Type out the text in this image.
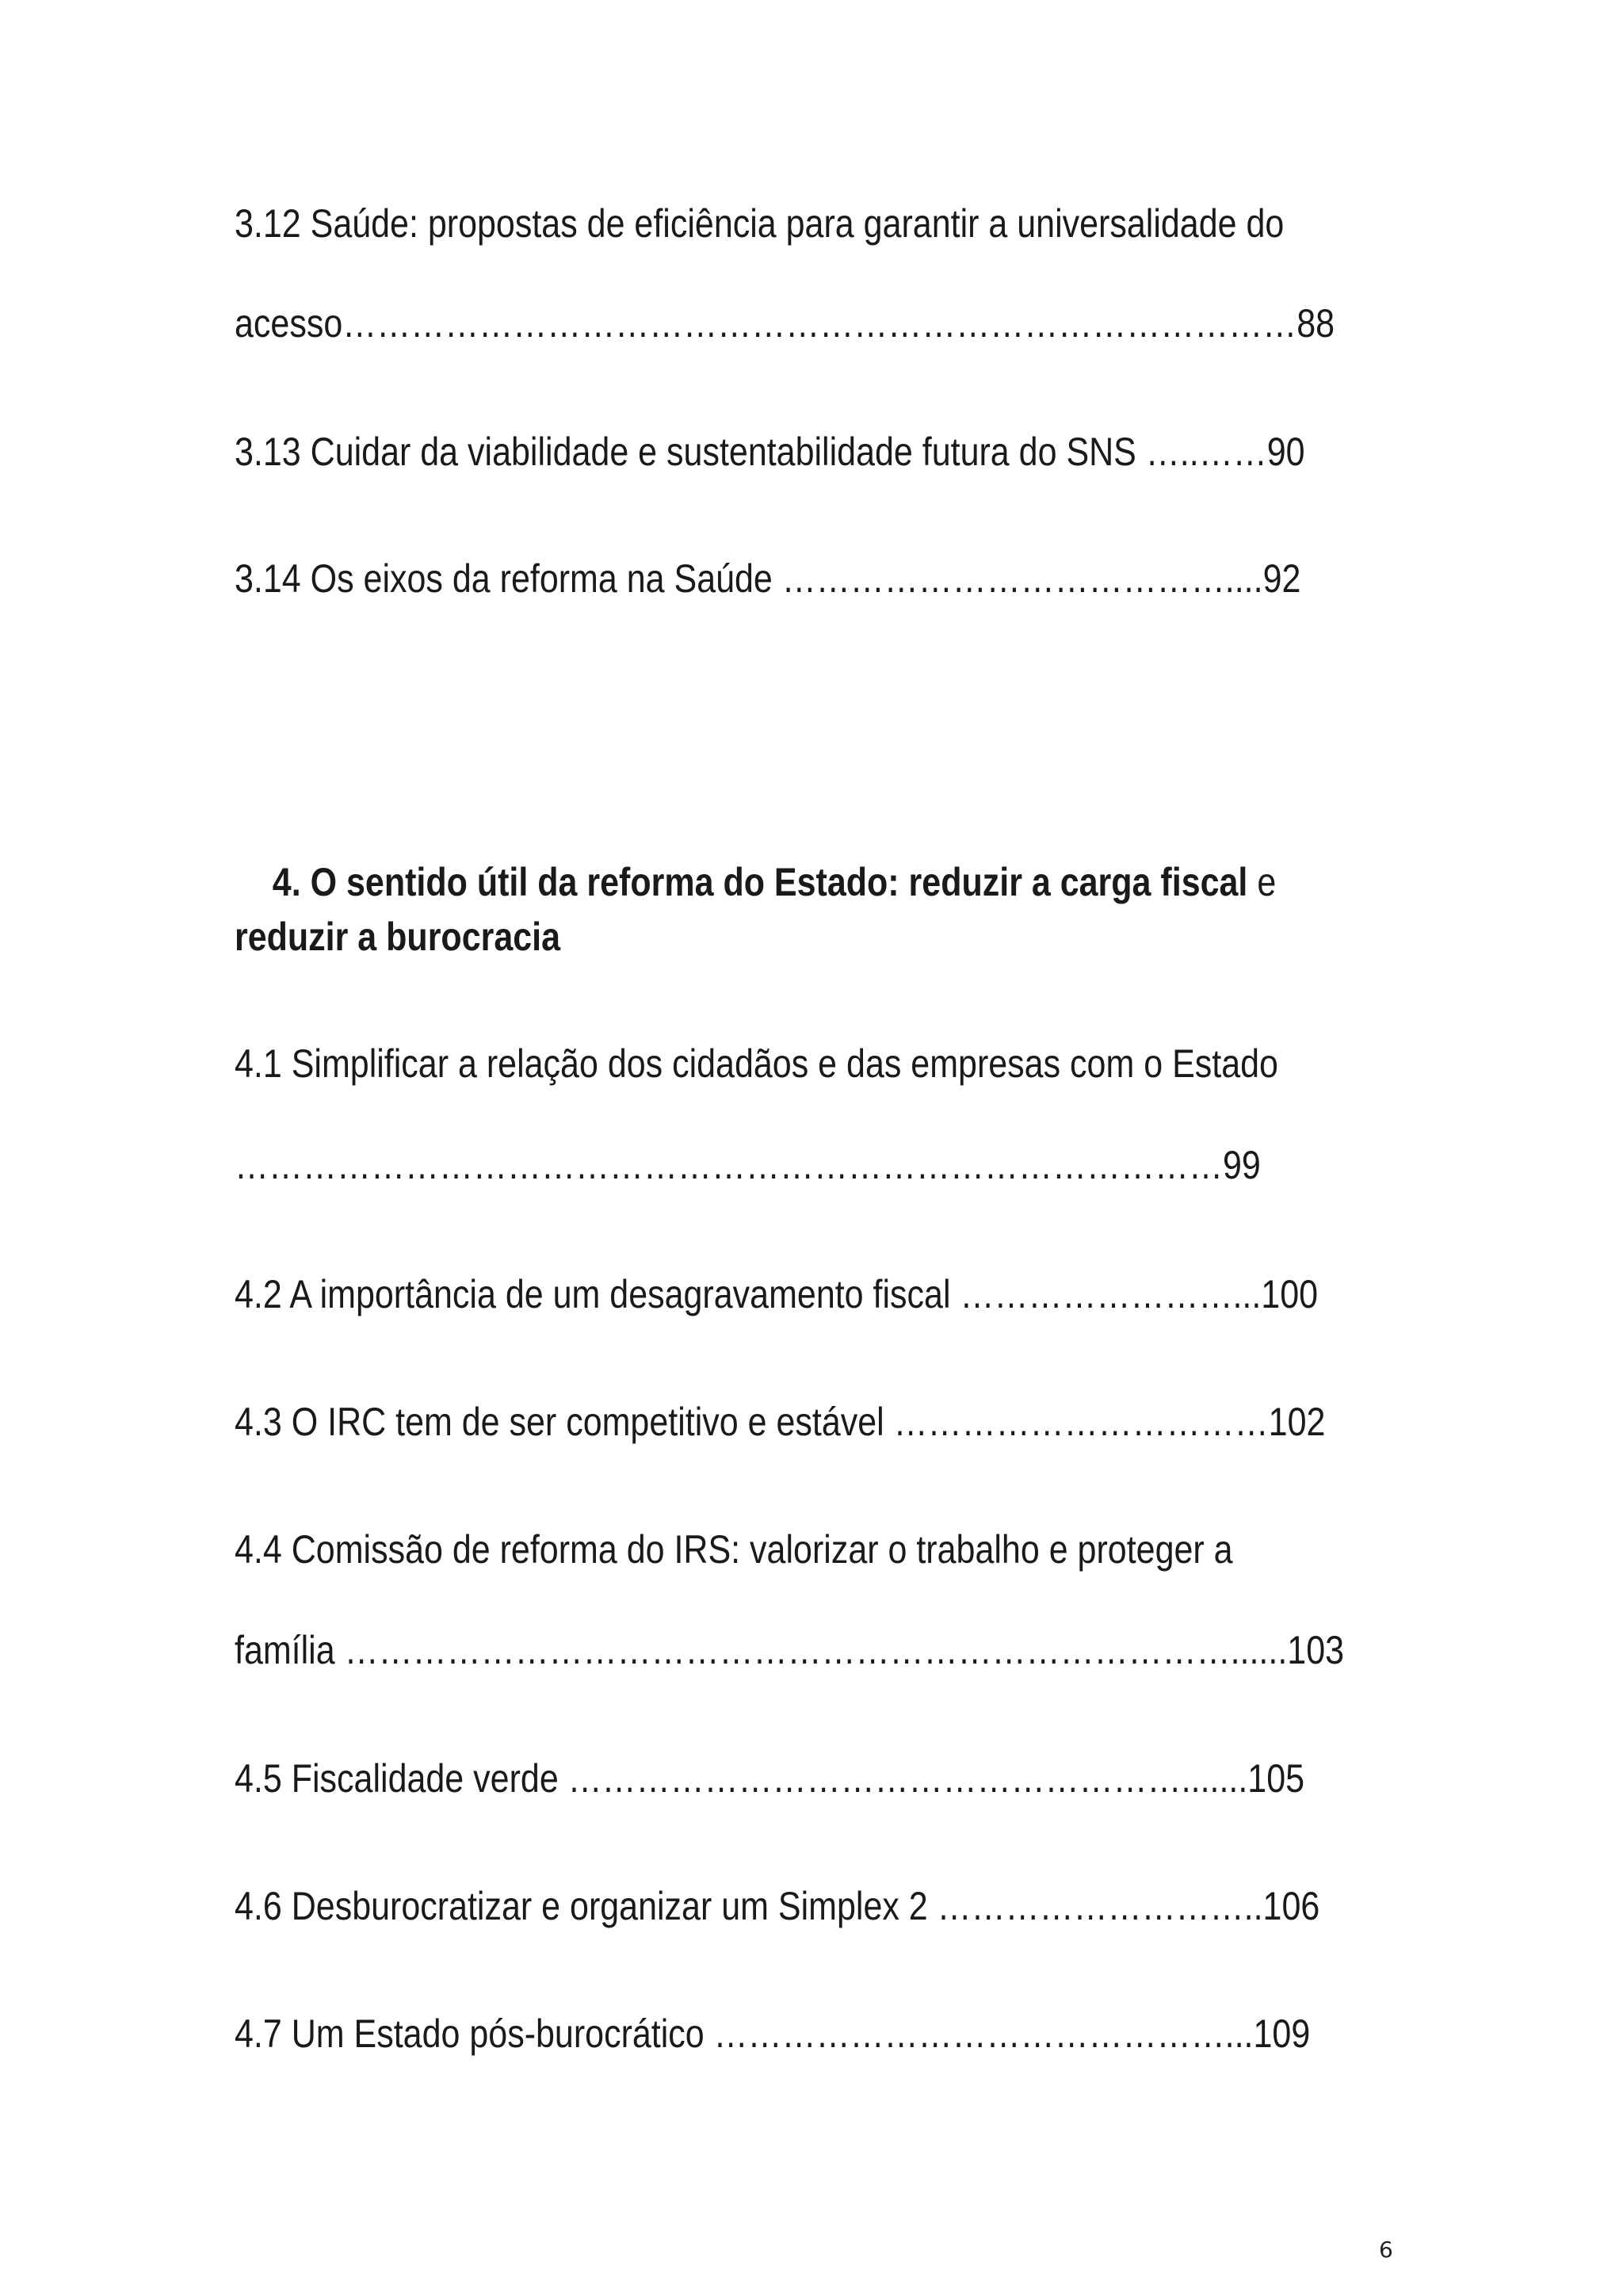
3.12 Saúde: propostas de eficiência para garantir a universalidade do
acesso…………………………………………………………………………88
3.13 Cuidar da viabilidade e sustentabilidade futura do SNS …..……90
3.14 Os eixos da reforma na Saúde …………………………………....92

4. O sentido útil da reforma do Estado: reduzir a carga fiscal e

reduzir a burocracia
4.1 Simplificar a relação dos cidadãos e das empresas com o Estado
……………………………………………………………………………99
4.2 A importância de um desagravamento fiscal ……………………...100
4.3 O IRC tem de ser competitivo e estável ……………………………102
4.4 Comissão de reforma do IRS: valorizar o trabalho e proteger a
família ……………………………………………………………………......103
4.5 Fiscalidade verde ……………………………………………….......105
4.6 Desburocratizar e organizar um Simplex 2 ………………………..106
4.7 Um Estado pós-burocrático ………………………………………...109
6
